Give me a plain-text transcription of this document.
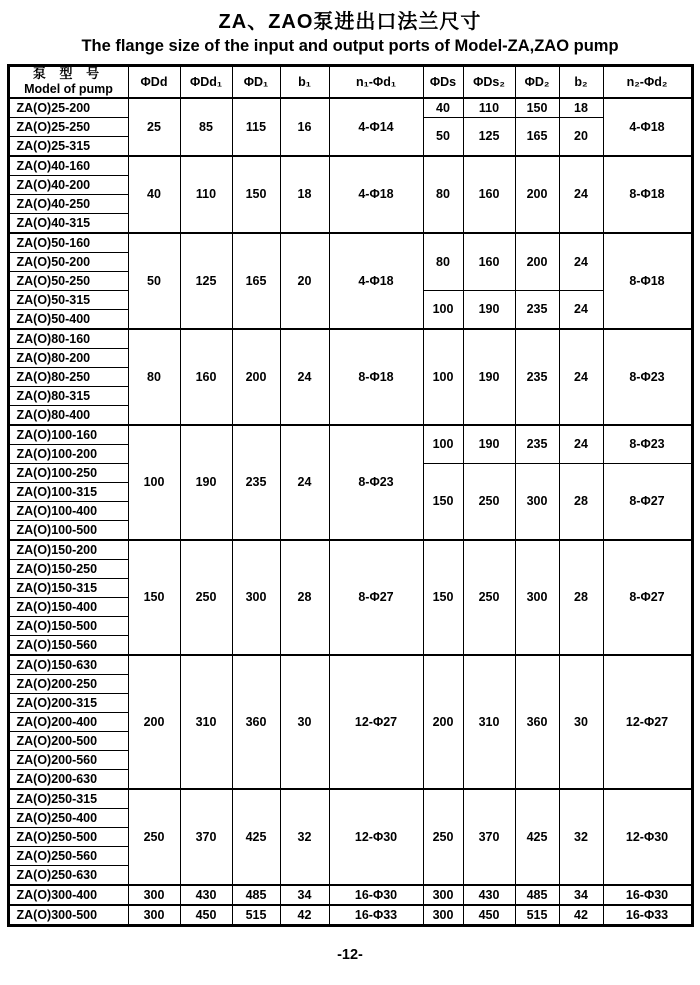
ZA、ZAO泵进出口法兰尺寸
The flange size of the input and output ports of Model-ZA,ZAO pump
泵 型 号
Model of pump	ΦDd	ΦDd₁	ΦD₁	b₁	n₁-Φd₁	ΦDs	ΦDs₂	ΦD₂	b₂	n₂-Φd₂
ZA(O)25-200	25	85	115	16	4-Φ14	40	110	150	18	4-Φ18
ZA(O)25-250						50	125	165	20	
ZA(O)25-315										
ZA(O)40-160	40	110	150	18	4-Φ18	80	160	200	24	8-Φ18
ZA(O)40-200										
ZA(O)40-250										
ZA(O)40-315										
ZA(O)50-160	50	125	165	20	4-Φ18	80	160	200	24	8-Φ18
ZA(O)50-200										
ZA(O)50-250										
ZA(O)50-315						100	190	235	24	
ZA(O)50-400										
ZA(O)80-160	80	160	200	24	8-Φ18	100	190	235	24	8-Φ23
ZA(O)80-200										
ZA(O)80-250										
ZA(O)80-315										
ZA(O)80-400										
ZA(O)100-160	100	190	235	24	8-Φ23	100	190	235	24	8-Φ23
ZA(O)100-200										
ZA(O)100-250						150	250	300	28	8-Φ27
ZA(O)100-315										
ZA(O)100-400										
ZA(O)100-500										
ZA(O)150-200	150	250	300	28	8-Φ27	150	250	300	28	8-Φ27
ZA(O)150-250										
ZA(O)150-315										
ZA(O)150-400										
ZA(O)150-500										
ZA(O)150-560										
ZA(O)150-630	200	310	360	30	12-Φ27	200	310	360	30	12-Φ27
ZA(O)200-250										
ZA(O)200-315										
ZA(O)200-400										
ZA(O)200-500										
ZA(O)200-560										
ZA(O)200-630										
ZA(O)250-315	250	370	425	32	12-Φ30	250	370	425	32	12-Φ30
ZA(O)250-400										
ZA(O)250-500										
ZA(O)250-560										
ZA(O)250-630										
ZA(O)300-400	300	430	485	34	16-Φ30	300	430	485	34	16-Φ30
ZA(O)300-500	300	450	515	42	16-Φ33	300	450	515	42	16-Φ33
-12-
